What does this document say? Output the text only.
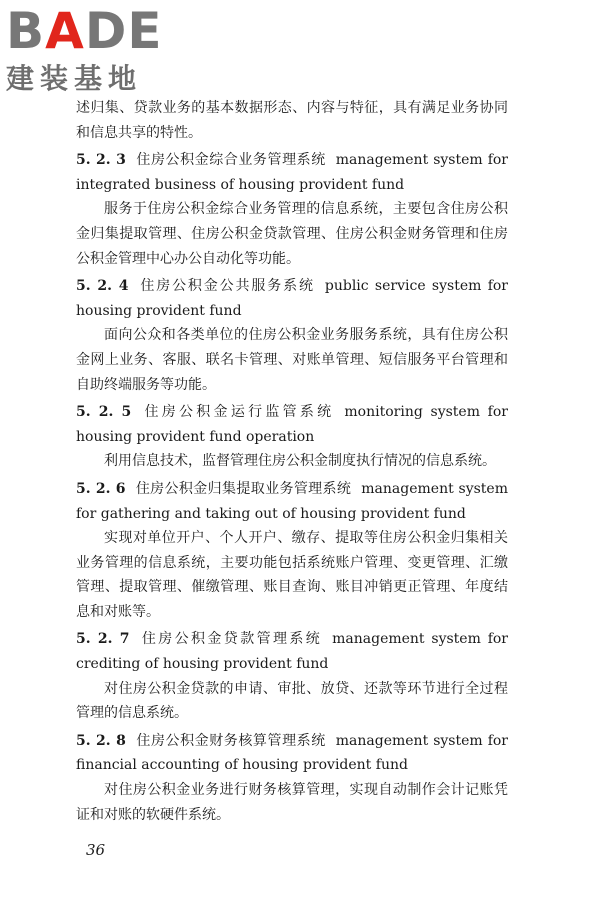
BADE
建装基地

述归集、贷款业务的基本数据形态、内容与特征，具有满足业务协同和信息共享的特性。

5. 2. 3 住房公积金综合业务管理系统 management system for integrated business of housing provident fund

服务于住房公积金综合业务管理的信息系统，主要包含住房公积金归集提取管理、住房公积金贷款管理、住房公积金财务管理和住房公积金管理中心办公自动化等功能。

5. 2. 4 住房公积金公共服务系统 public service system for housing provident fund

面向公众和各类单位的住房公积金业务服务系统，具有住房公积金网上业务、客服、联名卡管理、对账单管理、短信服务平台管理和自助终端服务等功能。

5. 2. 5 住房公积金运行监管系统 monitoring system for housing provident fund operation

利用信息技术，监督管理住房公积金制度执行情况的信息系统。

5. 2. 6 住房公积金归集提取业务管理系统 management system for gathering and taking out of housing provident fund

实现对单位开户、个人开户、缴存、提取等住房公积金归集相关业务管理的信息系统，主要功能包括系统账户管理、变更管理、汇缴管理、提取管理、催缴管理、账目查询、账目冲销更正管理、年度结息和对账等。

5. 2. 7 住房公积金贷款管理系统 management system for crediting of housing provident fund

对住房公积金贷款的申请、审批、放贷、还款等环节进行全过程管理的信息系统。

5. 2. 8 住房公积金财务核算管理系统 management system for financial accounting of housing provident fund

对住房公积金业务进行财务核算管理，实现自动制作会计记账凭证和对账的软硬件系统。

36
